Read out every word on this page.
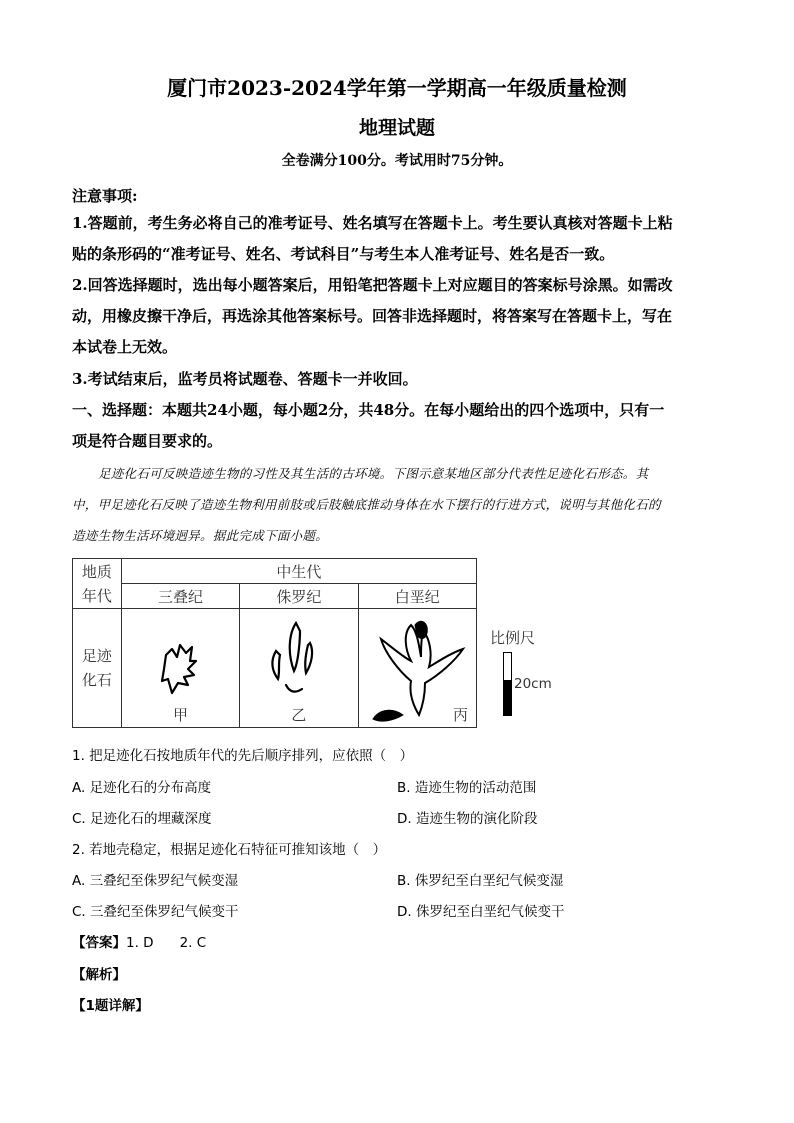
厦门市2023-2024学年第一学期高一年级质量检测
地理试题
全卷满分100分。考试用时75分钟。
注意事项:
1.答题前，考生务必将自己的准考证号、姓名填写在答题卡上。考生要认真核对答题卡上粘
贴的条形码的“准考证号、姓名、考试科目”与考生本人准考证号、姓名是否一致。
2.回答选择题时，选出每小题答案后，用铅笔把答题卡上对应题目的答案标号涂黑。如需改
动，用橡皮擦干净后，再选涂其他答案标号。回答非选择题时，将答案写在答题卡上，写在
本试卷上无效。
3.考试结束后，监考员将试题卷、答题卡一并收回。
一、选择题：本题共24小题，每小题2分，共48分。在每小题给出的四个选项中，只有一
项是符合题目要求的。
足迹化石可反映造迹生物的习性及其生活的古环境。下图示意某地区部分代表性足迹化石形态。其
中，甲足迹化石反映了造迹生物利用前肢或后肢触底推动身体在水下摆行的行进方式，说明与其他化石的
造迹生物生活环境迥异。据此完成下面小题。
地质
年代	中生代		
	三叠纪	侏罗纪	白垩纪
足迹
化石	甲	乙	丙
比例尺
20cm
1. 把足迹化石按地质年代的先后顺序排列，应依照（　）
A. 足迹化石的分布高度	B. 造迹生物的活动范围
C. 足迹化石的埋藏深度	D. 造迹生物的演化阶段
2. 若地壳稳定，根据足迹化石特征可推知该地（　）
A. 三叠纪至侏罗纪气候变湿	B. 侏罗纪至白垩纪气候变湿
C. 三叠纪至侏罗纪气候变干	D. 侏罗纪至白垩纪气候变干
【答案】1. D 2. C
【解析】
【1题详解】
